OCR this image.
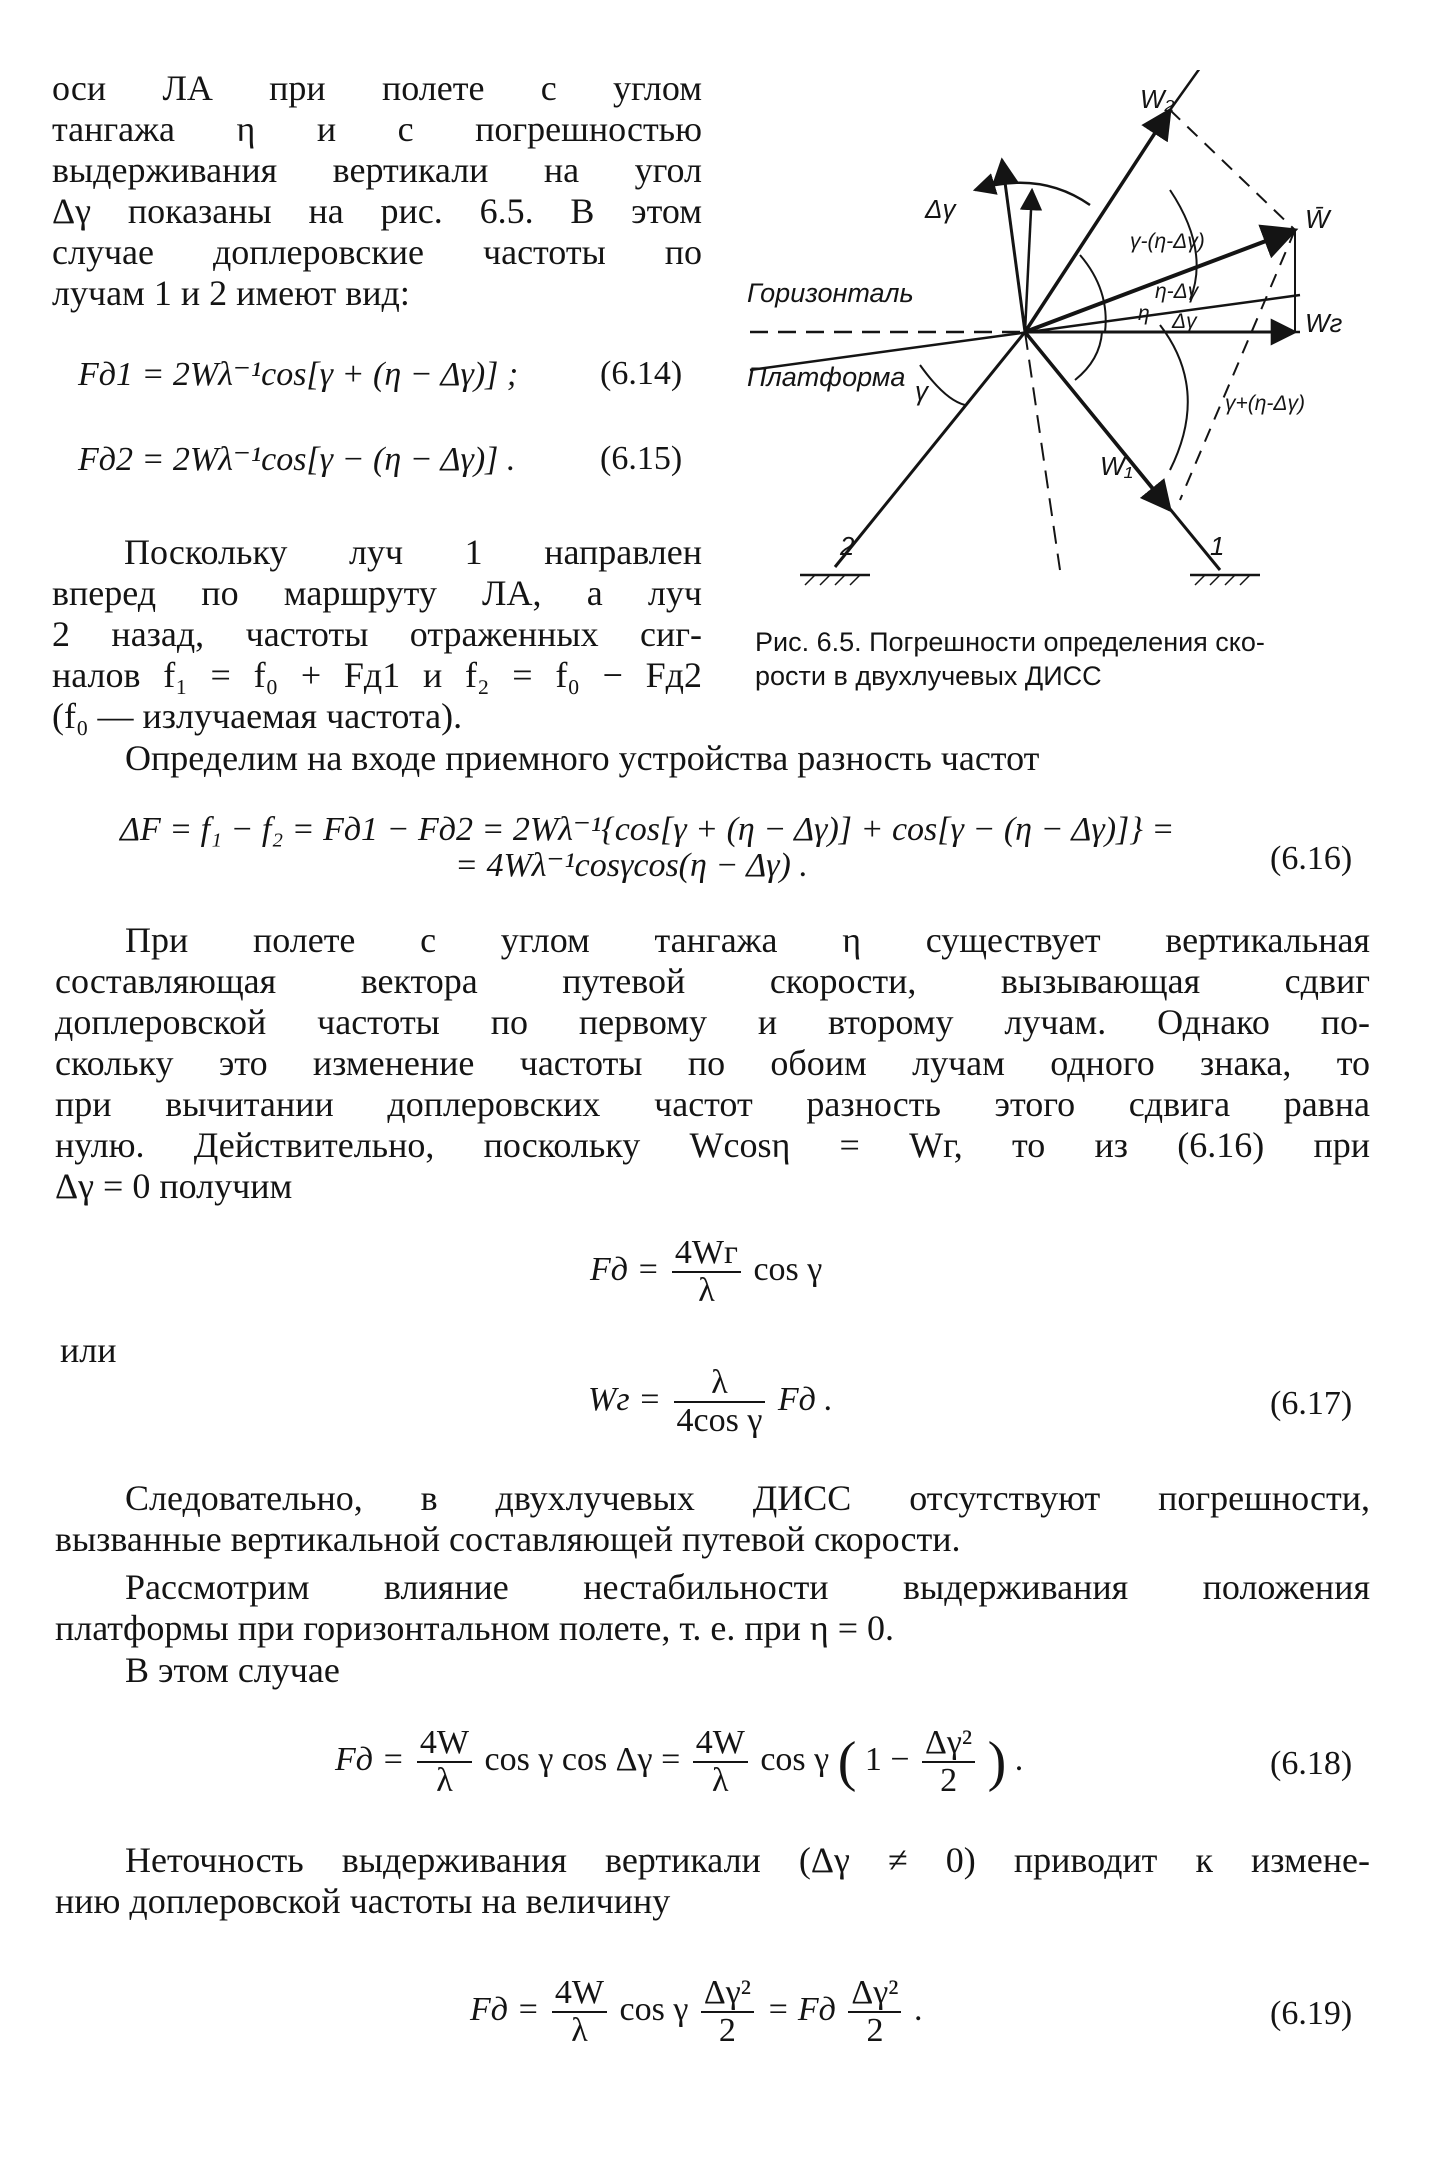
оси ЛА при полете с углом

тангажа η и с погрешностью

выдерживания вертикали на угол

Δγ показаны на рис. 6.5. В этом

случае доплеровские частоты по

лучам 1 и 2 имеют вид:

Fд1 = 2Wλ⁻¹cos[γ + (η − Δγ)] ; (6.14)
Fд2 = 2Wλ⁻¹cos[γ − (η − Δγ)] . (6.15)

Поскольку луч 1 направлен

вперед по маршруту ЛА, а луч

2 назад, частоты отраженных сиг-

налов f₁ = f₀ + Fд1 и f₂ = f₀ − Fд2

(f₀ — излучаемая частота).

W₂
W̄
Wг
W₁
Δγ
γ
γ-(η-Δγ)
γ+(η-Δγ)
η-Δγ
η Δγ
2	1
Горизонталь
Платформа
Рис. 6.5. Погрешности определения ско-
рости в двухлучевых ДИСС

Определим на входе приемного устройства разность частот

ΔF = f₁ − f₂ = Fд1 − Fд2 = 2Wλ⁻¹{cos[γ + (η − Δγ)] + cos[γ − (η − Δγ)]} =
= 4Wλ⁻¹cosγcos(η − Δγ) .	(6.16)

При полете с углом тангажа η существует вертикальная

составляющая вектора путевой скорости, вызывающая сдвиг

доплеровской частоты по первому и второму лучам. Однако по-

скольку это изменение частоты по обоим лучам одного знака, то

при вычитании доплеровских частот разность этого сдвига равна

нулю. Действительно, поскольку Wcosη = Wг, то из (6.16) при

Δγ = 0 получим

Fд = $\frac{4Wг}{\lambda}$ cos γ

или

Wг = $\frac{\lambda}{\text{4cos γ}}$ Fд .	(6.17)

Следовательно, в двухлучевых ДИСС отсутствуют погрешности,

вызванные вертикальной составляющей путевой скорости.

Рассмотрим влияние нестабильности выдерживания положения

платформы при горизонтальном полете, т. е. при η = 0.

В этом случае

Fд = $\frac{4W}{\lambda}$ cos γ $\cos \Delta\gamma = \frac{4W}{\lambda}$ cos γ ( $1 - \frac{\text{Δγ²}}{2}$ ) .	(6.18)

Неточность выдерживания вертикали (Δγ ≠ 0) приводит к измене-

нию доплеровской частоты на величину

Fд = $\frac{4W}{\lambda}$ cos γ $\frac{\text{Δγ²}}{2}$ = Fд $\frac{\text{Δγ²}}{2}$ .	(6.19)
